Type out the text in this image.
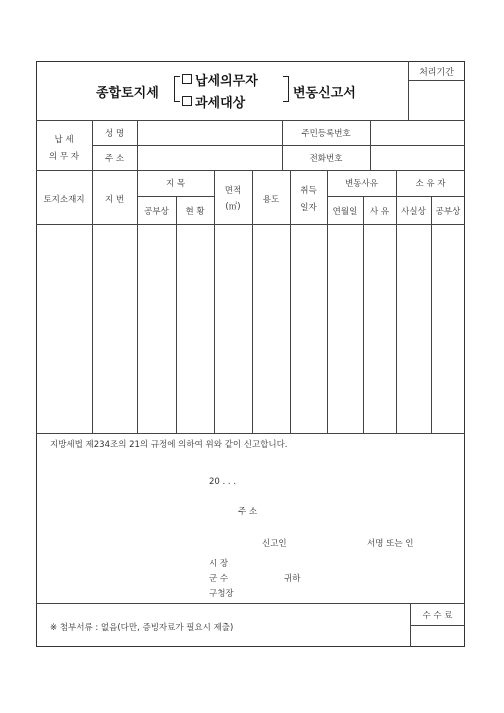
종합토지세
납세의무자
과세대상
변동신고서
처리기간
납 세
의 무 자
성 명	주민등록번호
주 소	전화번호
토지소재지	지 번
지 목
공부상	현 황
면적
(㎡)
용도
취득
일자
변동사유
연월일	사 유
소 유 자
사실상	공부상
지방세법 제234조의 21의 규정에 의하여 위와 같이 신고합니다.
20 . . .
주 소
신고인	서명 또는 인
시 장
군 수	귀하
구청장
※ 첨부서류 : 없음(다만, 증빙자료가 필요시 제출)
수 수 료
